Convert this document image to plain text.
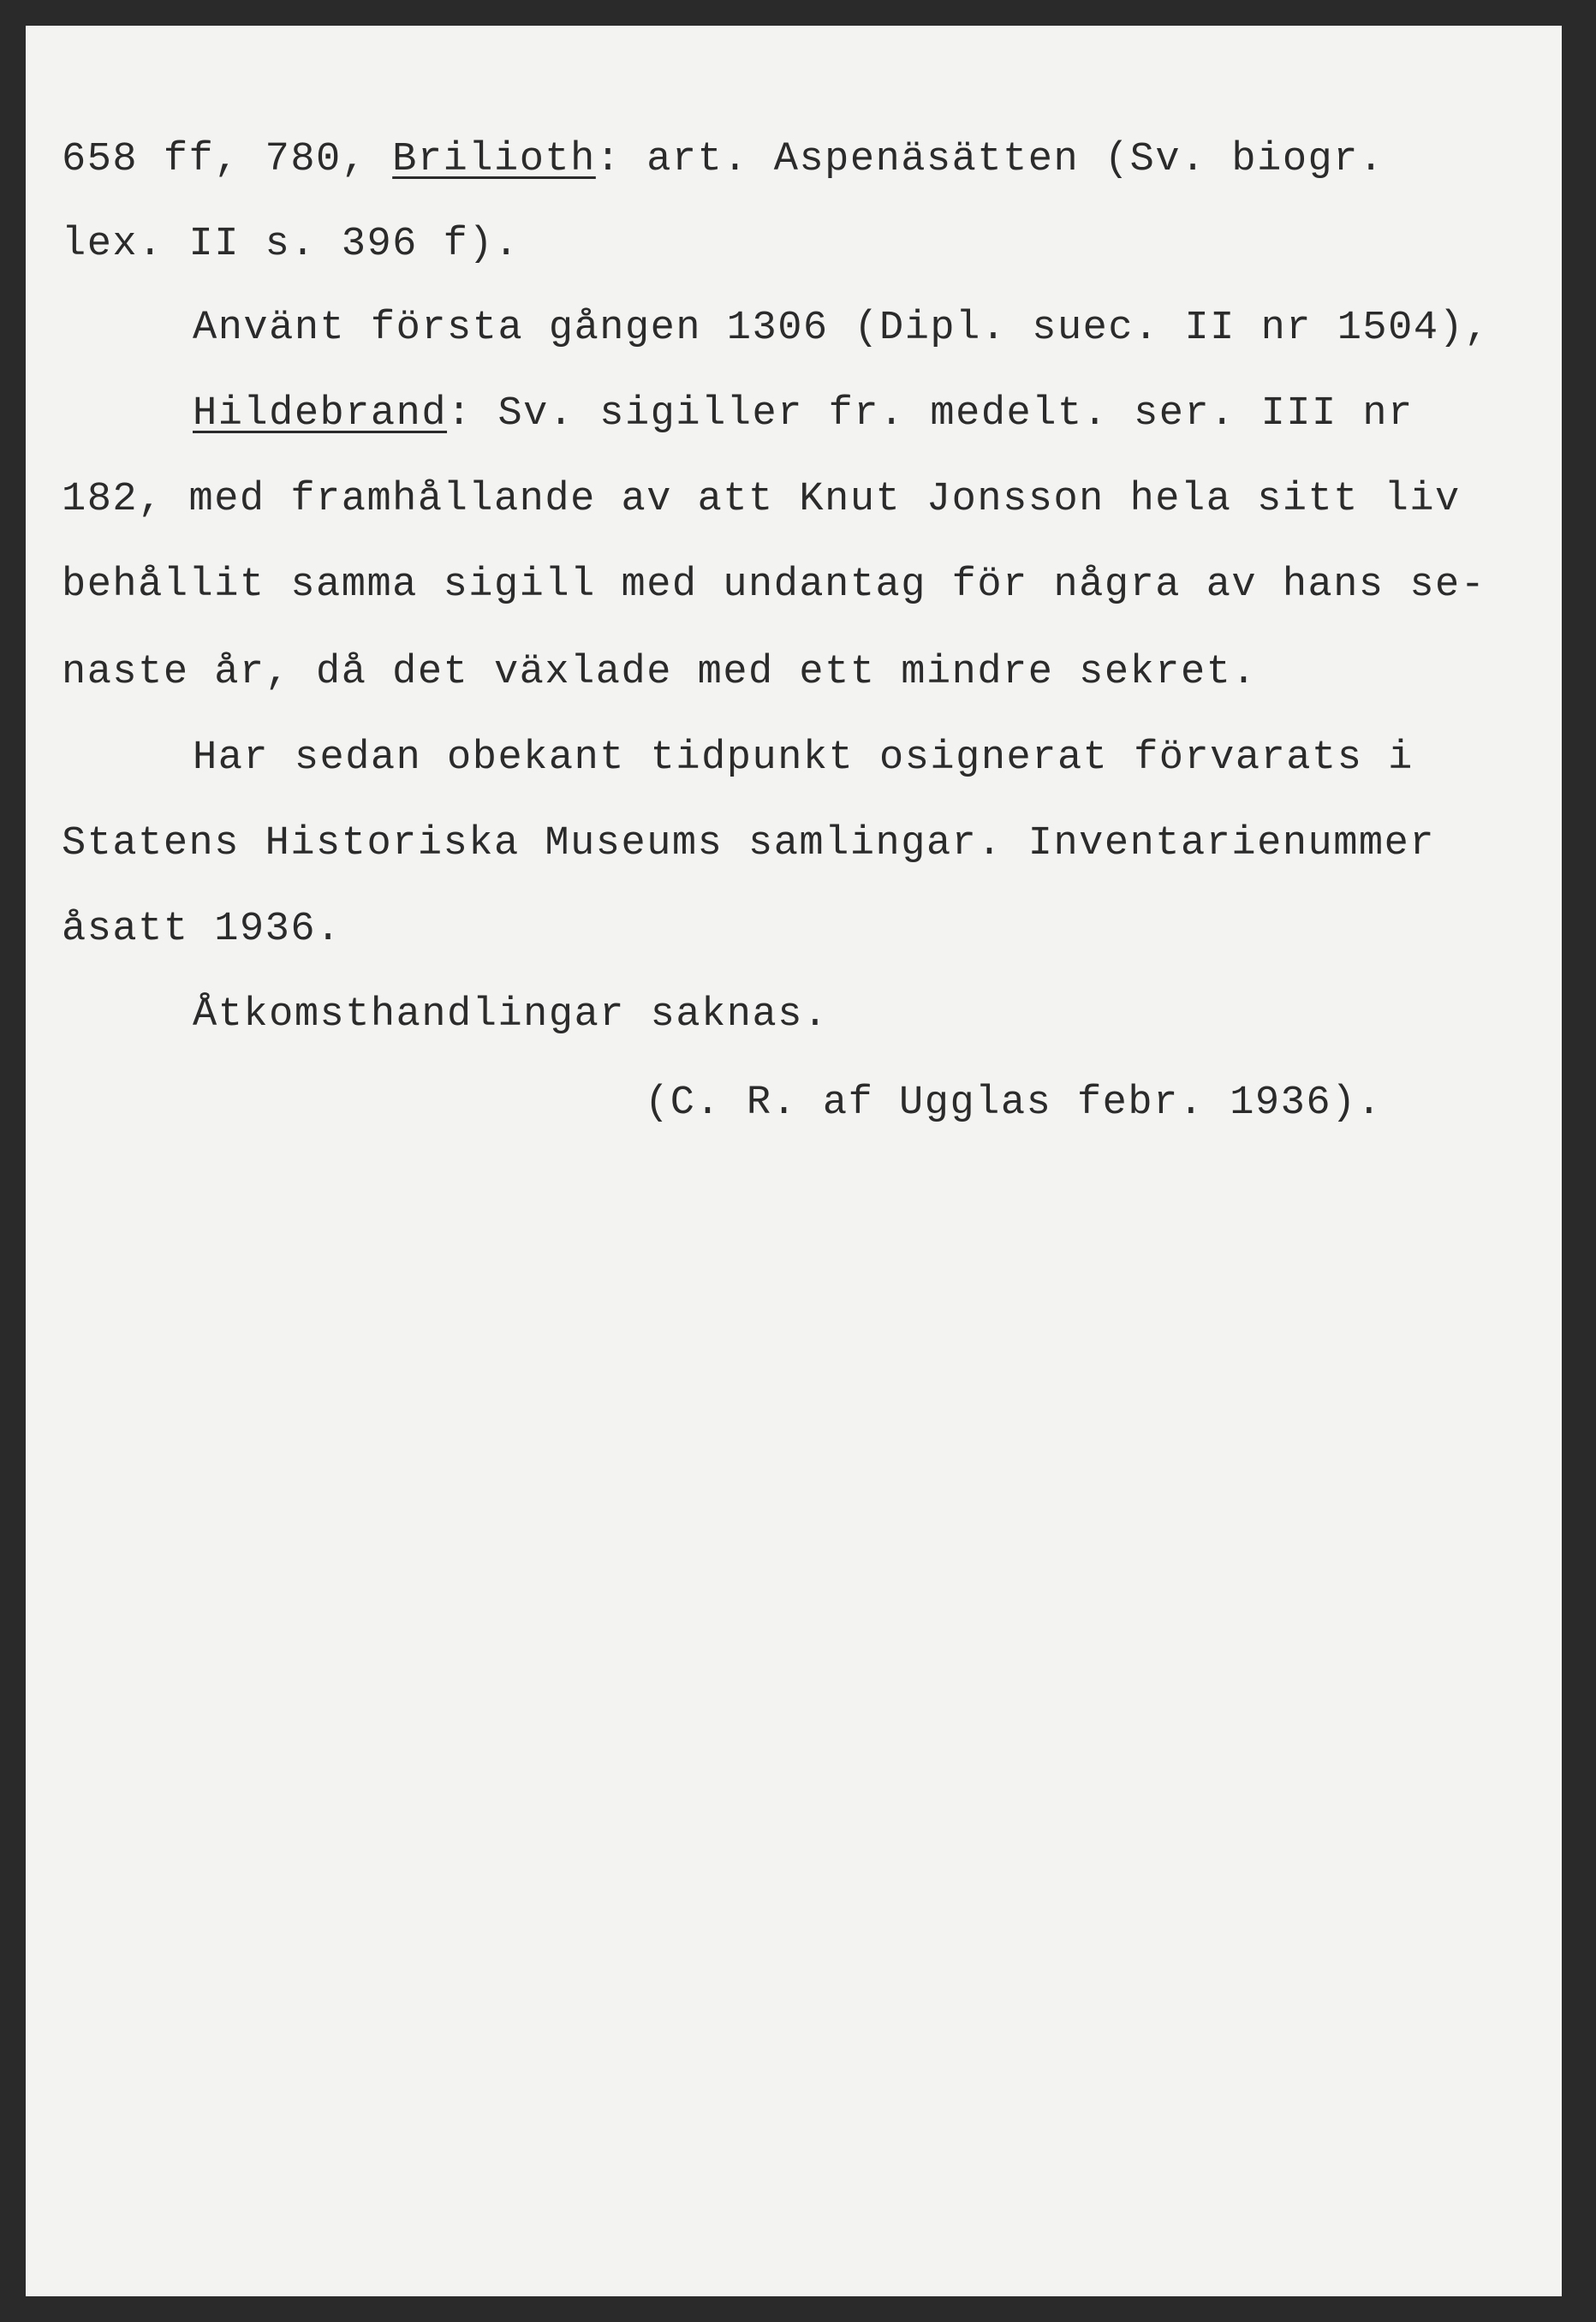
658 ff, 780, Brilioth: art. Aspenäsätten (Sv. biogr.
lex. II s. 396 f).
Använt första gången 1306 (Dipl. suec. II nr 1504),
Hildebrand: Sv. sigiller fr. medelt. ser. III nr
182, med framhållande av att Knut Jonsson hela sitt liv
behållit samma sigill med undantag för några av hans se-
naste år, då det växlade med ett mindre sekret.
Har sedan obekant tidpunkt osignerat förvarats i
Statens Historiska Museums samlingar. Inventarienummer
åsatt 1936.
Åtkomsthandlingar saknas.
(C. R. af Ugglas febr. 1936).
